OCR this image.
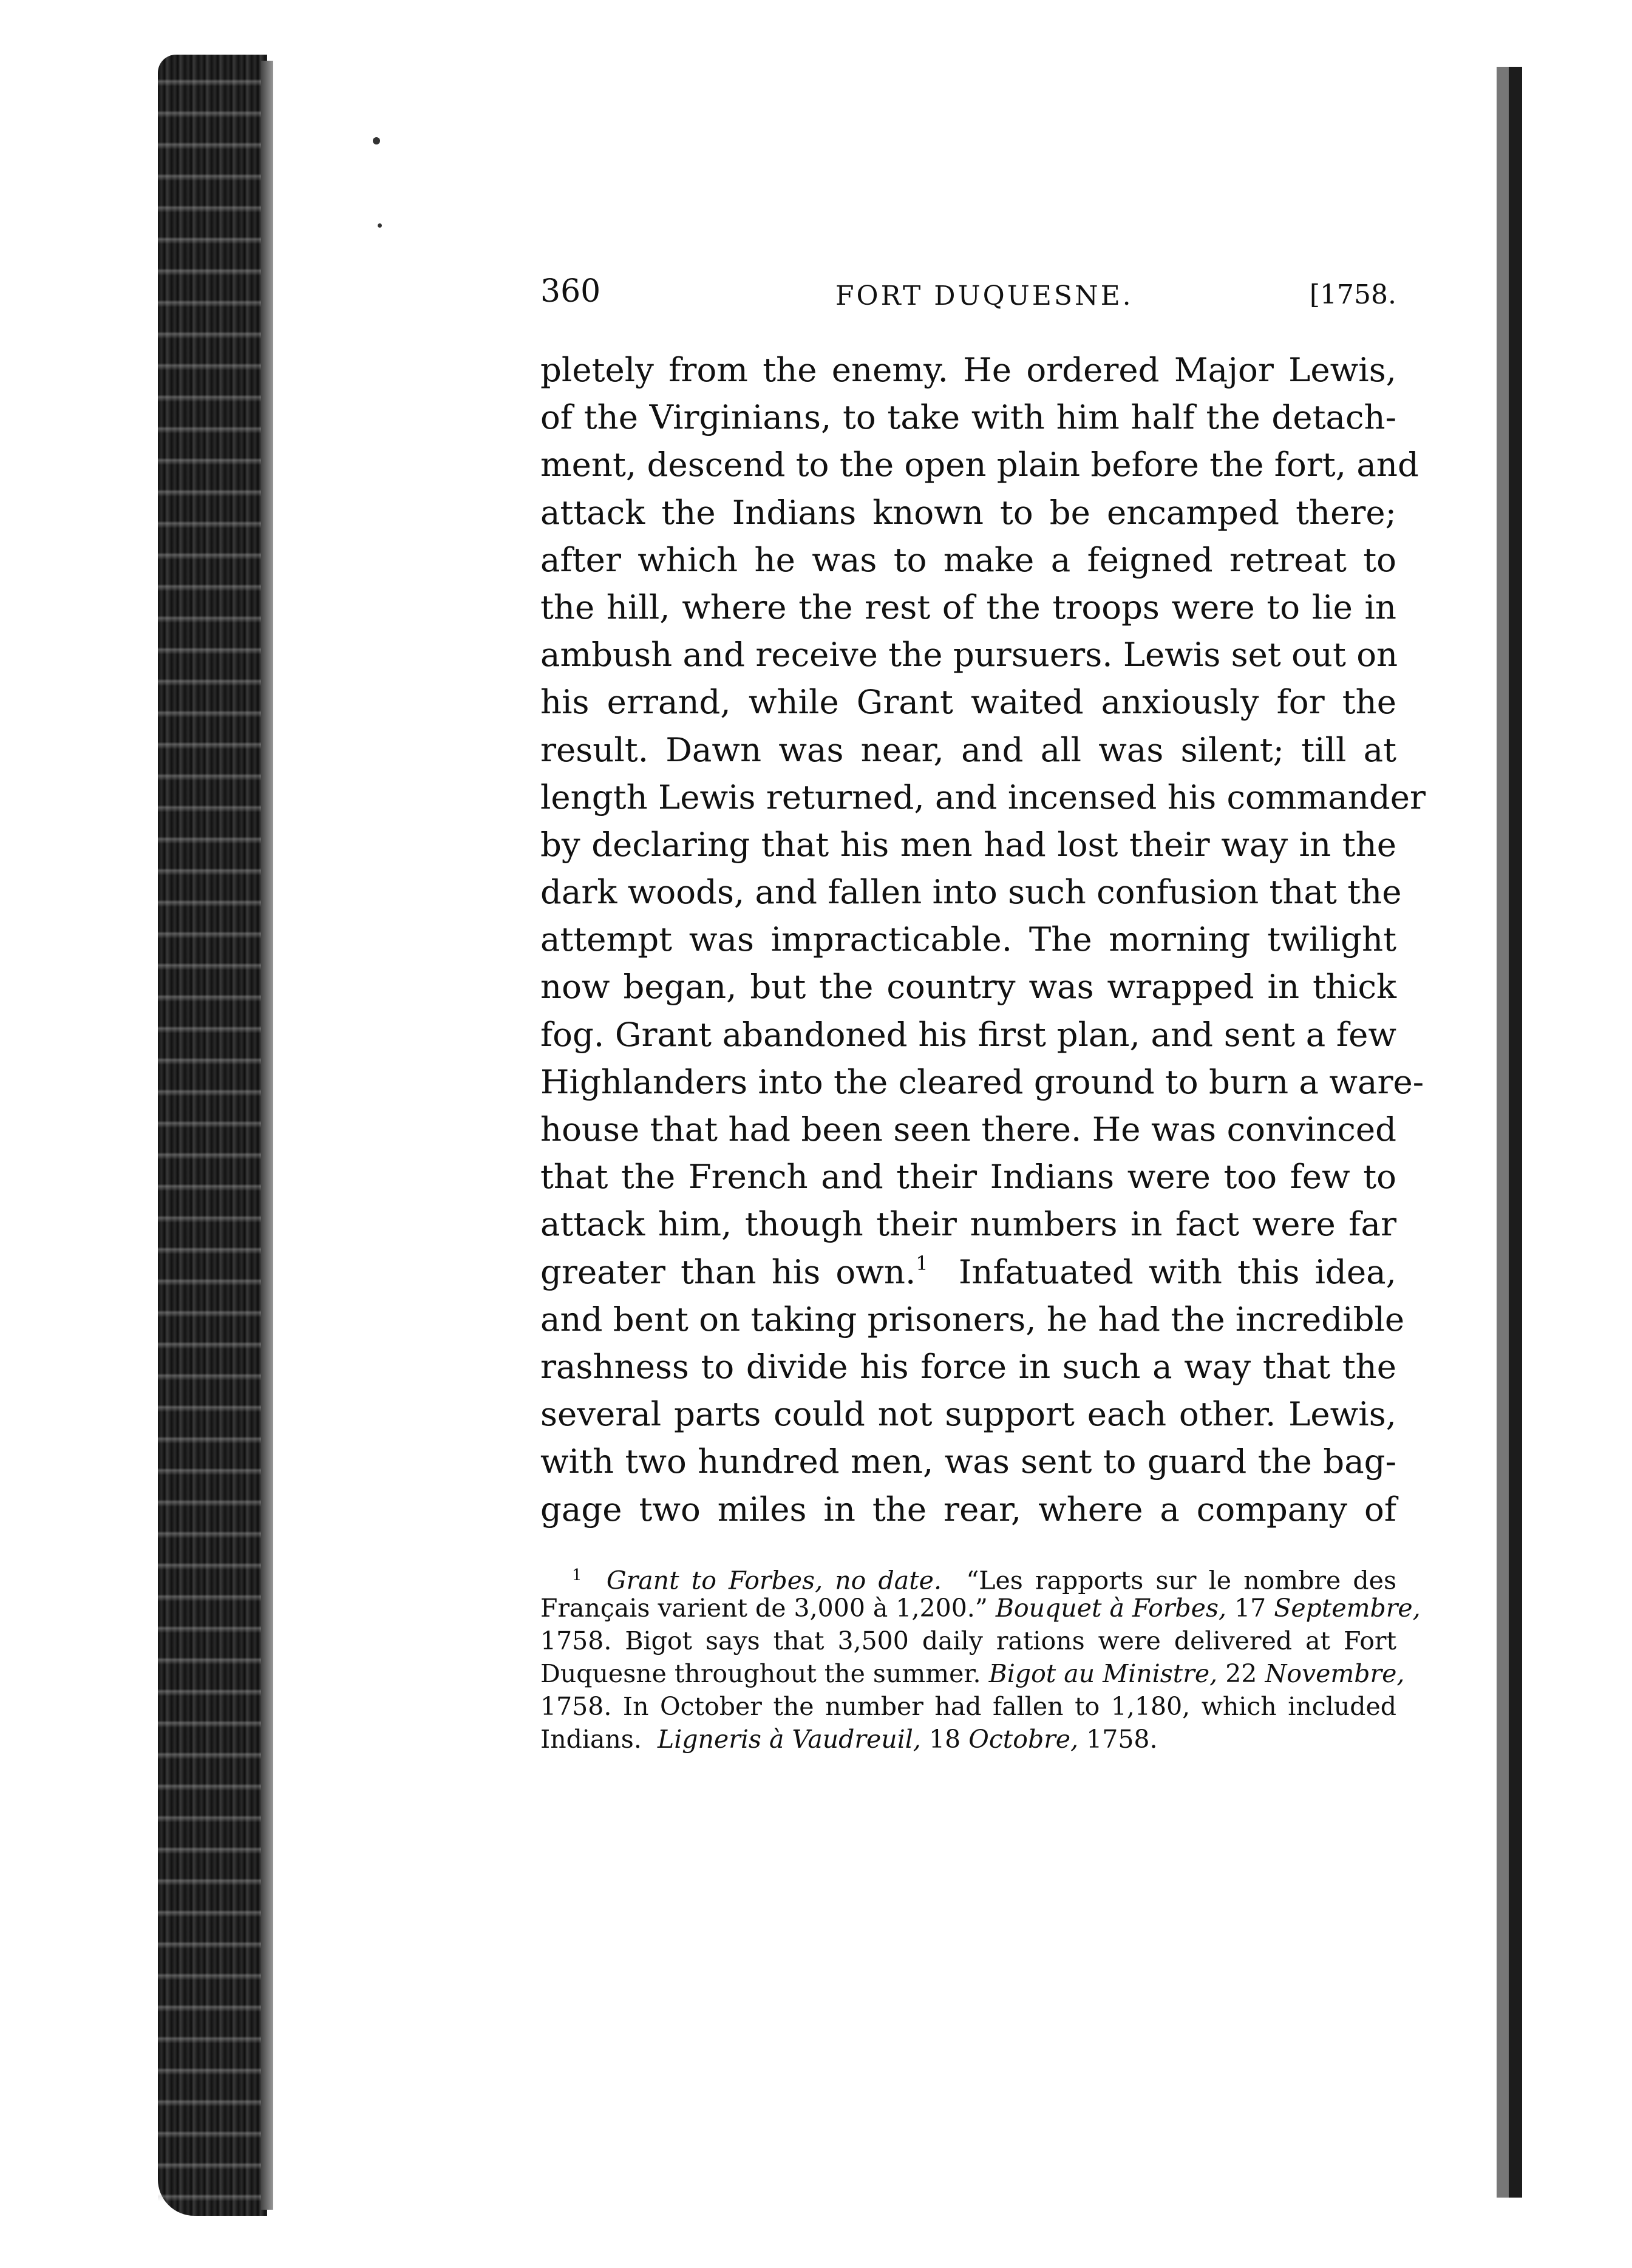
360	FORT DUQUESNE.	[1758.
pletely from the enemy. He ordered Major Lewis,
of the Virginians, to take with him half the detach-
ment, descend to the open plain before the fort, and
attack the Indians known to be encamped there;
after which he was to make a feigned retreat to
the hill, where the rest of the troops were to lie in
ambush and receive the pursuers. Lewis set out on
his errand, while Grant waited anxiously for the
result. Dawn was near, and all was silent; till at
length Lewis returned, and incensed his commander
by declaring that his men had lost their way in the
dark woods, and fallen into such confusion that the
attempt was impracticable. The morning twilight
now began, but the country was wrapped in thick
fog. Grant abandoned his first plan, and sent a few
Highlanders into the cleared ground to burn a ware-
house that had been seen there. He was convinced
that the French and their Indians were too few to
attack him, though their numbers in fact were far
greater than his own.$^1$ Infatuated with this idea,
and bent on taking prisoners, he had the incredible
rashness to divide his force in such a way that the
several parts could not support each other. Lewis,
with two hundred men, was sent to guard the bag-
gage two miles in the rear, where a company of
$^1$ Grant to Forbes, no date. “Les rapports sur le nombre des
Français varient de 3,000 à 1,200.” Bouquet à Forbes, 17 Septembre,
1758. Bigot says that 3,500 daily rations were delivered at Fort
Duquesne throughout the summer. Bigot au Ministre, 22 Novembre,
1758. In October the number had fallen to 1,180, which included
Indians. Ligneris à Vaudreuil, 18 Octobre, 1758.
